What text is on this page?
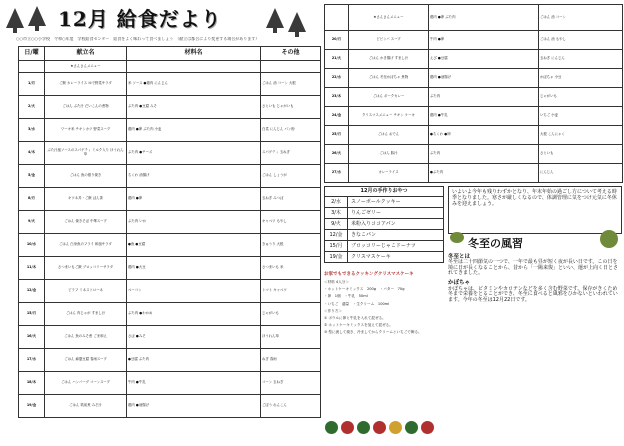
12月 給食だより
○○市立○○小学校　令和○年度　学校給食センター　給食をよく味わって食べましょう　（献立は都合により変更する場合があります）
日/曜	献立名	材料名	その他
	★さんさんメニュー		
1/月	ご飯 カレーライス ゆで野菜サラダ	米 ソース ●鶏肉 にんじん	ごはん 油 コーン 大根
2/火	ごはん ぶた汁 だいこんの煮物	ぶた肉 ●豆腐 みそ	さといも じゃがいも
3/水	ワーキ米 チキンカツ 野菜スープ	鶏肉 ●卵 ぶた肉 小麦	白菜 にんじん パン粉
4/木	ぶた汁風ソースのスパゲティ ミルク入り ほうれん草	ぶた肉 ●チーズ	スパゲティ 玉ねぎ
5/金	ごはん 魚の照り焼き	ちくわ 油揚げ	ごはん しょうが
8/月	キツネ丼・ご飯 ばん茶	鶏肉 ●卵	玉ねぎ みつば
9/火	ごはん 焼きそば 中華スープ	ぶた肉 いか	キャベツ もやし
10/水	ごはん 白身魚のフライ 和風サラダ	●魚 ●豆腐	きゅうり 大根
11/木	さつまいもご飯 ブロッコリーサラダ	鶏肉 ●大豆	さつまいも 米
12/金	ピラフ ミネストローネ	ベーコン	トマト キャベツ
15/月	ごはん 肉じゃが すまし汁	ぶた肉 ●わかめ	じゃがいも
16/火	ごはん 魚のみそ煮 ごま和え	さば ●みそ	ほうれん草
17/水	ごはん 麻婆豆腐 春雨スープ	●豆腐 ぶた肉	ねぎ 春雨
18/木	ごはん ハンバーグ コーンスープ	牛肉 ●牛乳	コーン 玉ねぎ
19/金	ごはん 筑前煮 みそ汁	鶏肉 ●油揚げ	ごぼう れんこん
	★さんさんメニュー	鶏肉 ●卵 ぶた肉	ごはん 油 コーン
20/月	ピビンバ スープ	牛肉 ●卵	ごはん 油 もやし
21/火	ごはん かき揚げ すまし汁	えび ●豆腐	玉ねぎ にんじん
22/水	ごはん 冬至かぼちゃ 煮物	鶏肉 ●油揚げ	かぼちゃ 小豆
23/木	ごはん ポークカレー	ぶた肉	じゃがいも
24/金	クリスマスメニュー チキン ケーキ	鶏肉 ●牛乳	いちご 小麦
25/月	ごはん おでん	●ちくわ ●卵	大根 こんにゃく
26/火	ごはん 豚汁	ぶた肉	さといも
27/水	カレーライス	●ぶた肉	にんじん
12月の手作りおやつ
2/水	スノーボールクッキー
3/木	りんごゼリー
9/火	米粉入りココアパン
12/金	きなこパン
15/月	ブロッコリーじゃこドーナツ
19/金	クリスマスケーキ
お家でもできるクッキングクリスマスケーキ
＜材料 4人分＞
・ホットケーキミックス　200g　・バター　70g
・卵　1個　・牛乳　50ml
・いちご　適量　・生クリーム　100ml
＜作り方＞
① ボウルに卵と牛乳を入れて混ぜる。
② ホットケーキミックスを加えて混ぜる。
③ 型に流して焼き、冷ましてからクリームといちごで飾る。
いよいよ今年も残りわずかとなり、年末年始の過ごし方について考える時季となりました。寒さが厳しくなるので、体調管理に気をつけ元気に冬休みを迎えましょう。
冬至の風習
冬至とは
冬至は二十四節気の一つで、一年で最も昼が短く夜が長い日です。この日を境に日が長くなることから、昔から「一陽来復」といい、運が上向く日とされてきました。
かぼちゃ
かぼちゃは、ビタミンやカロテンなどを多く含む野菜です。保存がきくため冬まで栄養をとることができ、冬至に食べると風邪をひかないといわれています。今年の冬至は12月22日です。
